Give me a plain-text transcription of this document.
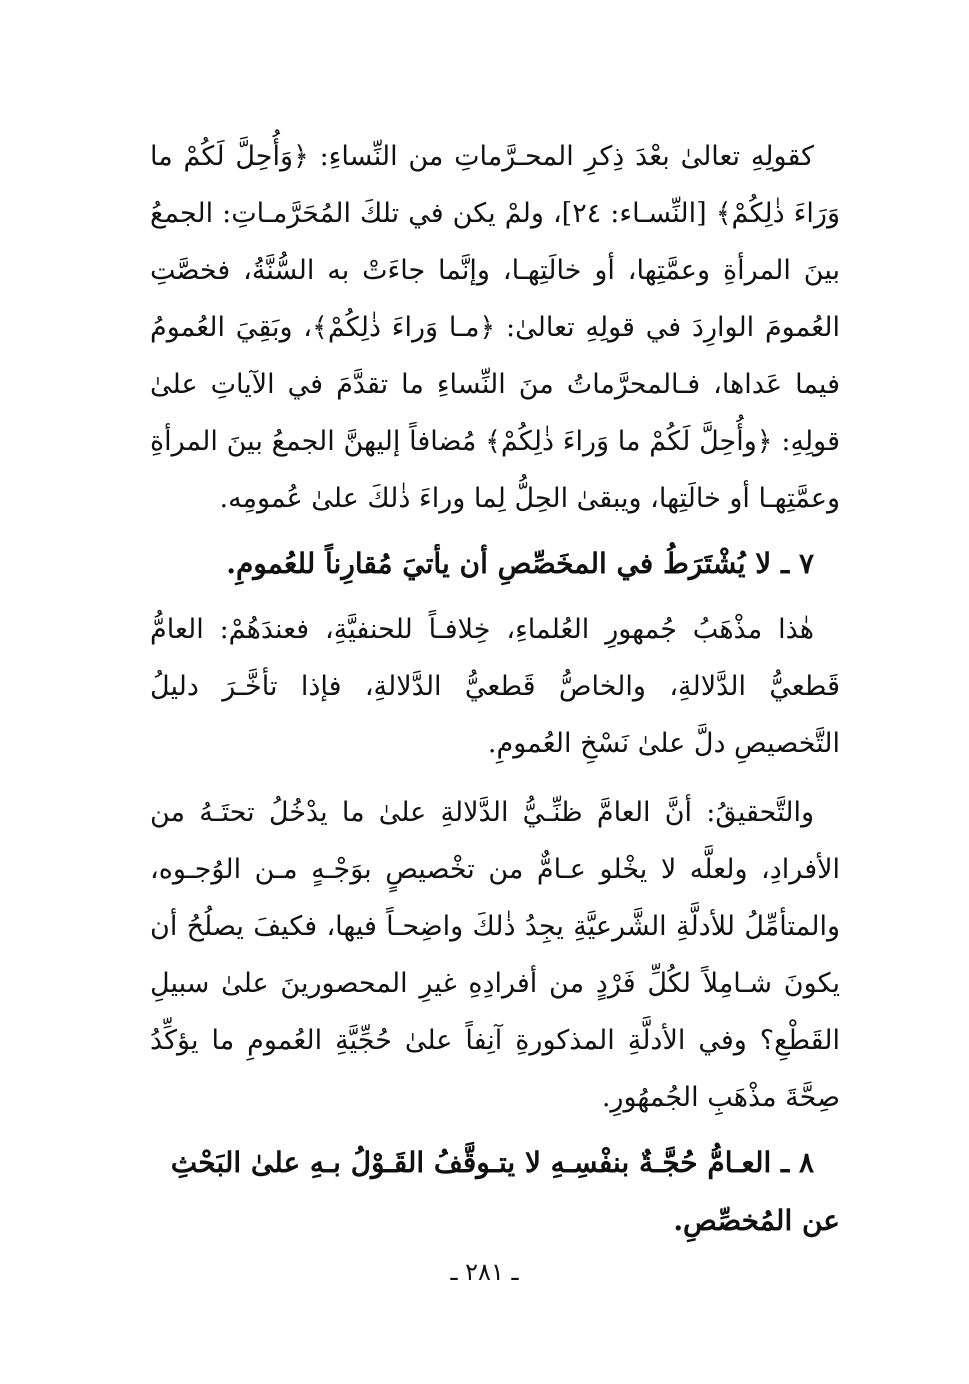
كقولِهِ تعالىٰ بعْدَ ذِكرِ المحـرَّماتِ من النِّساءِ: ﴿وَأُحِلَّ لَكُمْ ما وَرَاءَ ذٰلِكُمْ﴾ [النِّسـاء: ٢٤]، ولمْ يكن في تلكَ المُحَرَّمـاتِ: الجمعُ بينَ المرأةِ وعمَّتِها، أو خالَتِهـا، وإنَّما جاءَتْ به السُّنَّةُ، فخصَّتِ العُمومَ الوارِدَ في قولِهِ تعالىٰ: ﴿مـا وَراءَ ذٰلِكُمْ﴾، وبَقِيَ العُمومُ فيما عَداها، فـالمحرَّماتُ منَ النِّساءِ ما تقدَّمَ في الآياتِ علىٰ قولِهِ: ﴿وأُحِلَّ لَكُمْ ما وَراءَ ذٰلِكُمْ﴾ مُضافاً إليهنَّ الجمعُ بينَ المرأةِ وعمَّتِهـا أو خالَتِها، ويبقىٰ الحِلُّ لِما وراءَ ذٰلكَ علىٰ عُمومِه.

٧ ـ لا يُشْتَرَطُ في المخَصِّصِ أن يأتيَ مُقارِناً للعُمومِ.

هٰذا مذْهَبُ جُمهورِ العُلماءِ، خِلافـاً للحنفيَّةِ، فعندَهُمْ: العامُّ قَطعيُّ الدَّلالةِ، والخاصُّ قَطعيُّ الدَّلالةِ، فإذا تأخَّـرَ دليلُ التَّخصيصِ دلَّ علىٰ نَسْخِ العُمومِ.

والتَّحقيقُ: أنَّ العامَّ ظنِّـيُّ الدَّلالةِ علىٰ ما يدْخُلُ تحتَـهُ من الأفرادِ، ولعلَّه لا يخْلو عـامٌّ من تخْصيصٍ بوَجْـهٍ مـن الوُجـوه، والمتأمِّلُ للأدلَّةِ الشَّرعيَّةِ يجِدُ ذٰلكَ واضِحـاً فيها، فكيفَ يصلُحُ أن يكونَ شـامِلاً لكُلِّ فَرْدٍ من أفرادِهِ غيرِ المحصورينَ علىٰ سبيلِ القَطْعِ؟ وفي الأدلَّةِ المذكورةِ آنِفاً علىٰ حُجِّيَّةِ العُمومِ ما يؤكِّدُ صِحَّةَ مذْهَبِ الجُمهُورِ.

٨ ـ العـامُّ حُجَّـةٌ بنفْسِـهِ لا يتـوقَّفُ القَـوْلُ بـهِ علىٰ البَحْثِ عن المُخصِّصِ.

ـ ٢٨١ ـ
